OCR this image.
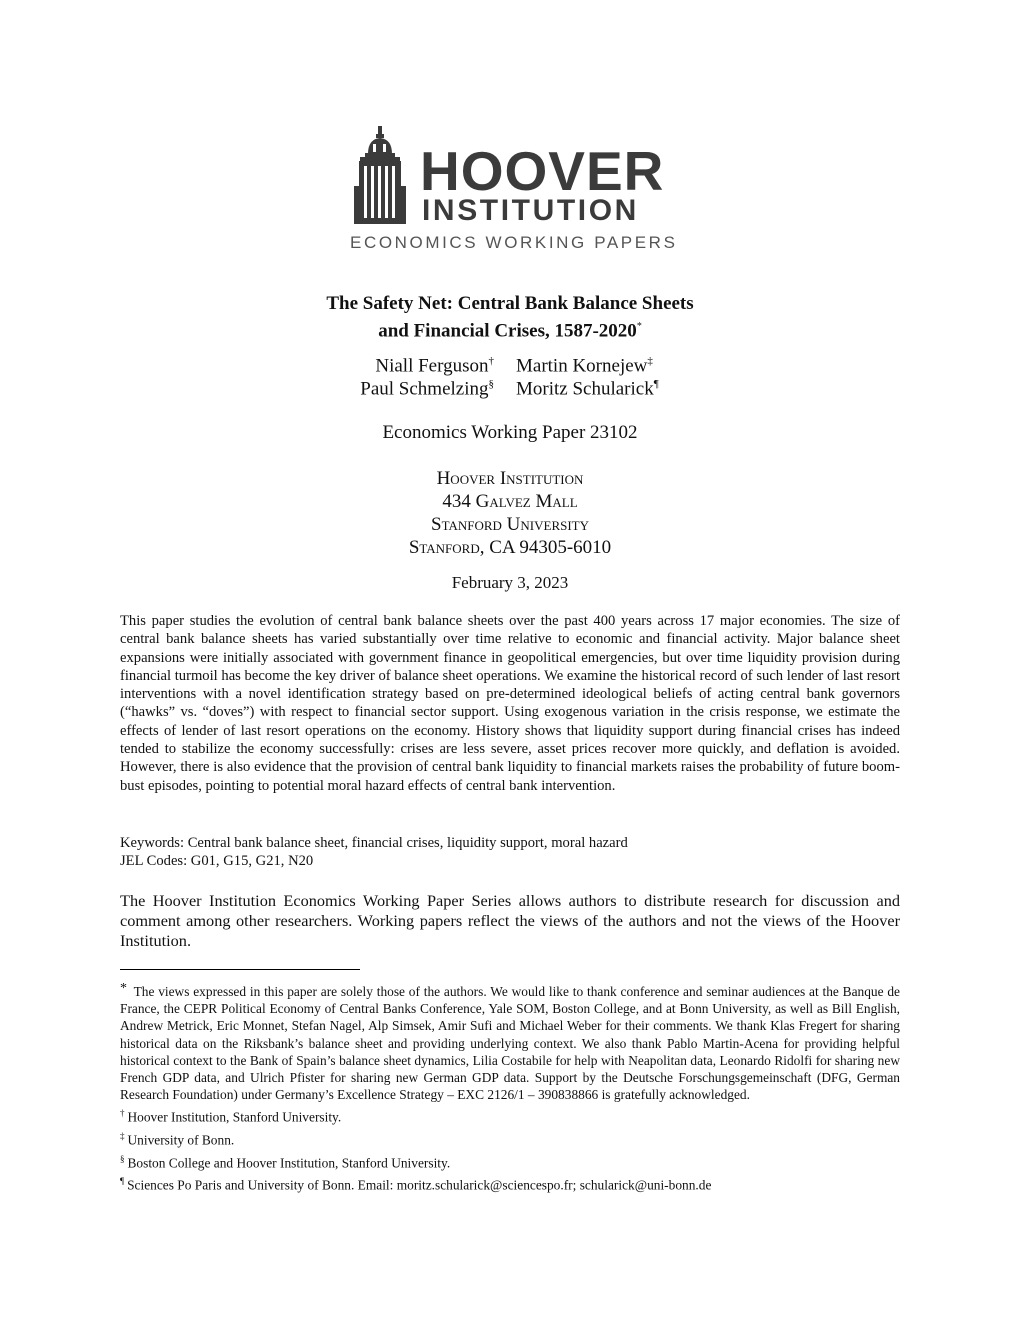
HOOVER
INSTITUTION
ECONOMICS WORKING PAPERS
The Safety Net: Central Bank Balance Sheets
and Financial Crises, 1587-2020*
Niall Ferguson† Martin Kornejew‡
Paul Schmelzing§ Moritz Schularick¶
Economics Working Paper 23102
Hoover Institution
434 Galvez Mall
Stanford University
Stanford, CA 94305-6010
February 3, 2023
This paper studies the evolution of central bank balance sheets over the past 400 years across 17 major economies. The size of central bank balance sheets has varied substantially over time relative to economic and financial activity. Major balance sheet expansions were initially associated with government finance in geopolitical emergencies, but over time liquidity provision during financial turmoil has become the key driver of balance sheet operations. We examine the historical record of such lender of last resort interventions with a novel identification strategy based on pre-determined ideological beliefs of acting central bank governors (“hawks” vs. “doves”) with respect to financial sector support. Using exogenous variation in the crisis response, we estimate the effects of lender of last resort operations on the economy. History shows that liquidity support during financial crises has indeed tended to stabilize the economy successfully: crises are less severe, asset prices recover more quickly, and deflation is avoided. However, there is also evidence that the provision of central bank liquidity to financial markets raises the probability of future boom-bust episodes, pointing to potential moral hazard effects of central bank intervention.
Keywords: Central bank balance sheet, financial crises, liquidity support, moral hazard
JEL Codes: G01, G15, G21, N20
The Hoover Institution Economics Working Paper Series allows authors to distribute research for discussion and comment among other researchers. Working papers reflect the views of the authors and not the views of the Hoover Institution.
* The views expressed in this paper are solely those of the authors. We would like to thank conference and seminar audiences at the Banque de France, the CEPR Political Economy of Central Banks Conference, Yale SOM, Boston College, and at Bonn University, as well as Bill English, Andrew Metrick, Eric Monnet, Stefan Nagel, Alp Simsek, Amir Sufi and Michael Weber for their comments. We thank Klas Fregert for sharing historical data on the Riksbank’s balance sheet and providing underlying context. We also thank Pablo Martin-Acena for providing helpful historical context to the Bank of Spain’s balance sheet dynamics, Lilia Costabile for help with Neapolitan data, Leonardo Ridolfi for sharing new French GDP data, and Ulrich Pfister for sharing new German GDP data. Support by the Deutsche Forschungsgemeinschaft (DFG, German Research Foundation) under Germany’s Excellence Strategy – EXC 2126/1 – 390838866 is gratefully acknowledged.
† Hoover Institution, Stanford University.
‡ University of Bonn.
§ Boston College and Hoover Institution, Stanford University.
¶ Sciences Po Paris and University of Bonn. Email: moritz.schularick@sciencespo.fr; schularick@uni-bonn.de
